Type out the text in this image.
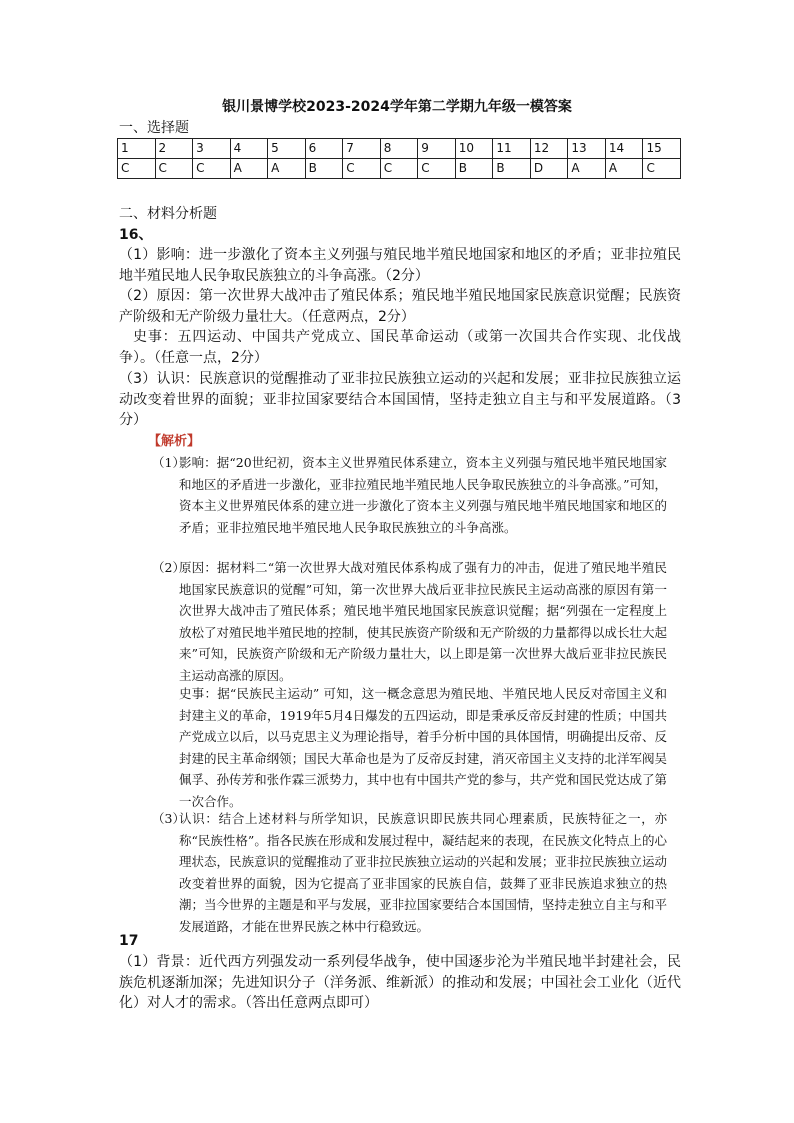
银川景博学校2023-2024学年第二学期九年级一模答案
一、选择题
1	2	3	4	5	6	7	8	9	10	11	12	13	14	15
C	C	C	A	A	B	C	C	C	B	B	D	A	A	C
二、材料分析题
16、
（1）影响：进一步激化了资本主义列强与殖民地半殖民地国家和地区的矛盾；亚非拉殖民地半殖民地人民争取民族独立的斗争高涨。（2分）
（2）原因：第一次世界大战冲击了殖民体系；殖民地半殖民地国家民族意识觉醒；民族资产阶级和无产阶级力量壮大。（任意两点，2分）
史事：五四运动、中国共产党成立、国民革命运动（或第一次国共合作实现、北伐战争）。（任意一点，2分）
（3）认识：民族意识的觉醒推动了亚非拉民族独立运动的兴起和发展；亚非拉民族独立运动改变着世界的面貌；亚非拉国家要结合本国国情，坚持走独立自主与和平发展道路。（3分）
【解析】
（1）
影响：据“20世纪初，资本主义世界殖民体系建立，资本主义列强与殖民地半殖民地国家和地区的矛盾进一步激化，亚非拉殖民地半殖民地人民争取民族独立的斗争高涨。”可知，资本主义世界殖民体系的建立进一步激化了资本主义列强与殖民地半殖民地国家和地区的矛盾；亚非拉殖民地半殖民地人民争取民族独立的斗争高涨。
（2）
原因：据材料二“第一次世界大战对殖民体系构成了强有力的冲击，促进了殖民地半殖民地国家民族意识的觉醒”可知，第一次世界大战后亚非拉民族民主运动高涨的原因有第一次世界大战冲击了殖民体系；殖民地半殖民地国家民族意识觉醒；据“列强在一定程度上放松了对殖民地半殖民地的控制，使其民族资产阶级和无产阶级的力量都得以成长壮大起来”可知，民族资产阶级和无产阶级力量壮大，以上即是第一次世界大战后亚非拉民族民主运动高涨的原因。
史事：据“民族民主运动” 可知，这一概念意思为殖民地、半殖民地人民反对帝国主义和封建主义的革命，1919年5月4日爆发的五四运动，即是秉承反帝反封建的性质；中国共产党成立以后，以马克思主义为理论指导，着手分析中国的具体国情，明确提出反帝、反封建的民主革命纲领；国民大革命也是为了反帝反封建，消灭帝国主义支持的北洋军阀吴佩孚、孙传芳和张作霖三派势力，其中也有中国共产党的参与，共产党和国民党达成了第一次合作。
（3）
认识：结合上述材料与所学知识，民族意识即民族共同心理素质，民族特征之一，亦称“民族性格”。指各民族在形成和发展过程中，凝结起来的表现，在民族文化特点上的心理状态，民族意识的觉醒推动了亚非拉民族独立运动的兴起和发展；亚非拉民族独立运动改变着世界的面貌，因为它提高了亚非国家的民族自信，鼓舞了亚非民族追求独立的热潮；当今世界的主题是和平与发展，亚非拉国家要结合本国国情，坚持走独立自主与和平发展道路，才能在世界民族之林中行稳致远。
17
（1）背景：近代西方列强发动一系列侵华战争，使中国逐步沦为半殖民地半封建社会，民族危机逐渐加深；先进知识分子（洋务派、维新派）的推动和发展；中国社会工业化（近代化）对人才的需求。（答出任意两点即可）
